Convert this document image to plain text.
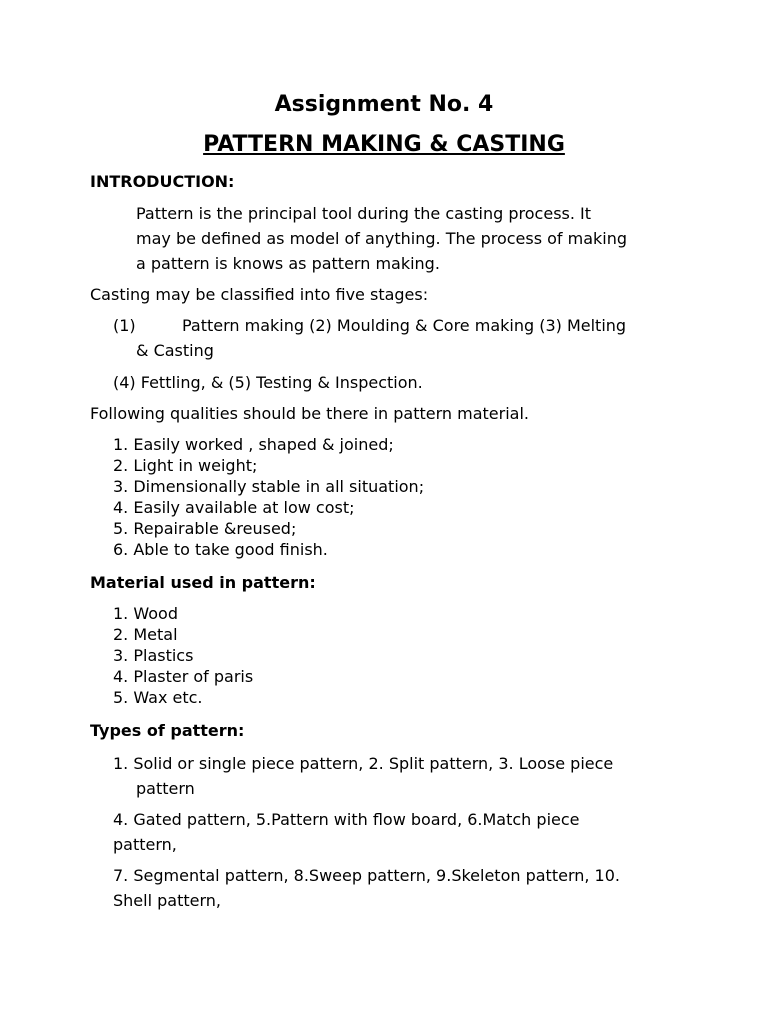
Assignment No. 4
PATTERN MAKING & CASTING
INTRODUCTION:
Pattern is the principal tool during the casting process. It
may be defined as model of anything. The process of making
a pattern is knows as pattern making.
Casting may be classified into five stages:
(1)	Pattern making (2) Moulding & Core making (3) Melting
& Casting
(4) Fettling, & (5) Testing & Inspection.
Following qualities should be there in pattern material.
1. Easily worked , shaped & joined;
2. Light in weight;
3. Dimensionally stable in all situation;
4. Easily available at low cost;
5. Repairable &reused;
6. Able to take good finish.
Material used in pattern:
1. Wood
2. Metal
3. Plastics
4. Plaster of paris
5. Wax etc.
Types of pattern:
1. Solid or single piece pattern, 2. Split pattern, 3. Loose piece
pattern
4. Gated pattern, 5.Pattern with flow board, 6.Match piece
pattern,
7. Segmental pattern, 8.Sweep pattern, 9.Skeleton pattern, 10.
Shell pattern,
